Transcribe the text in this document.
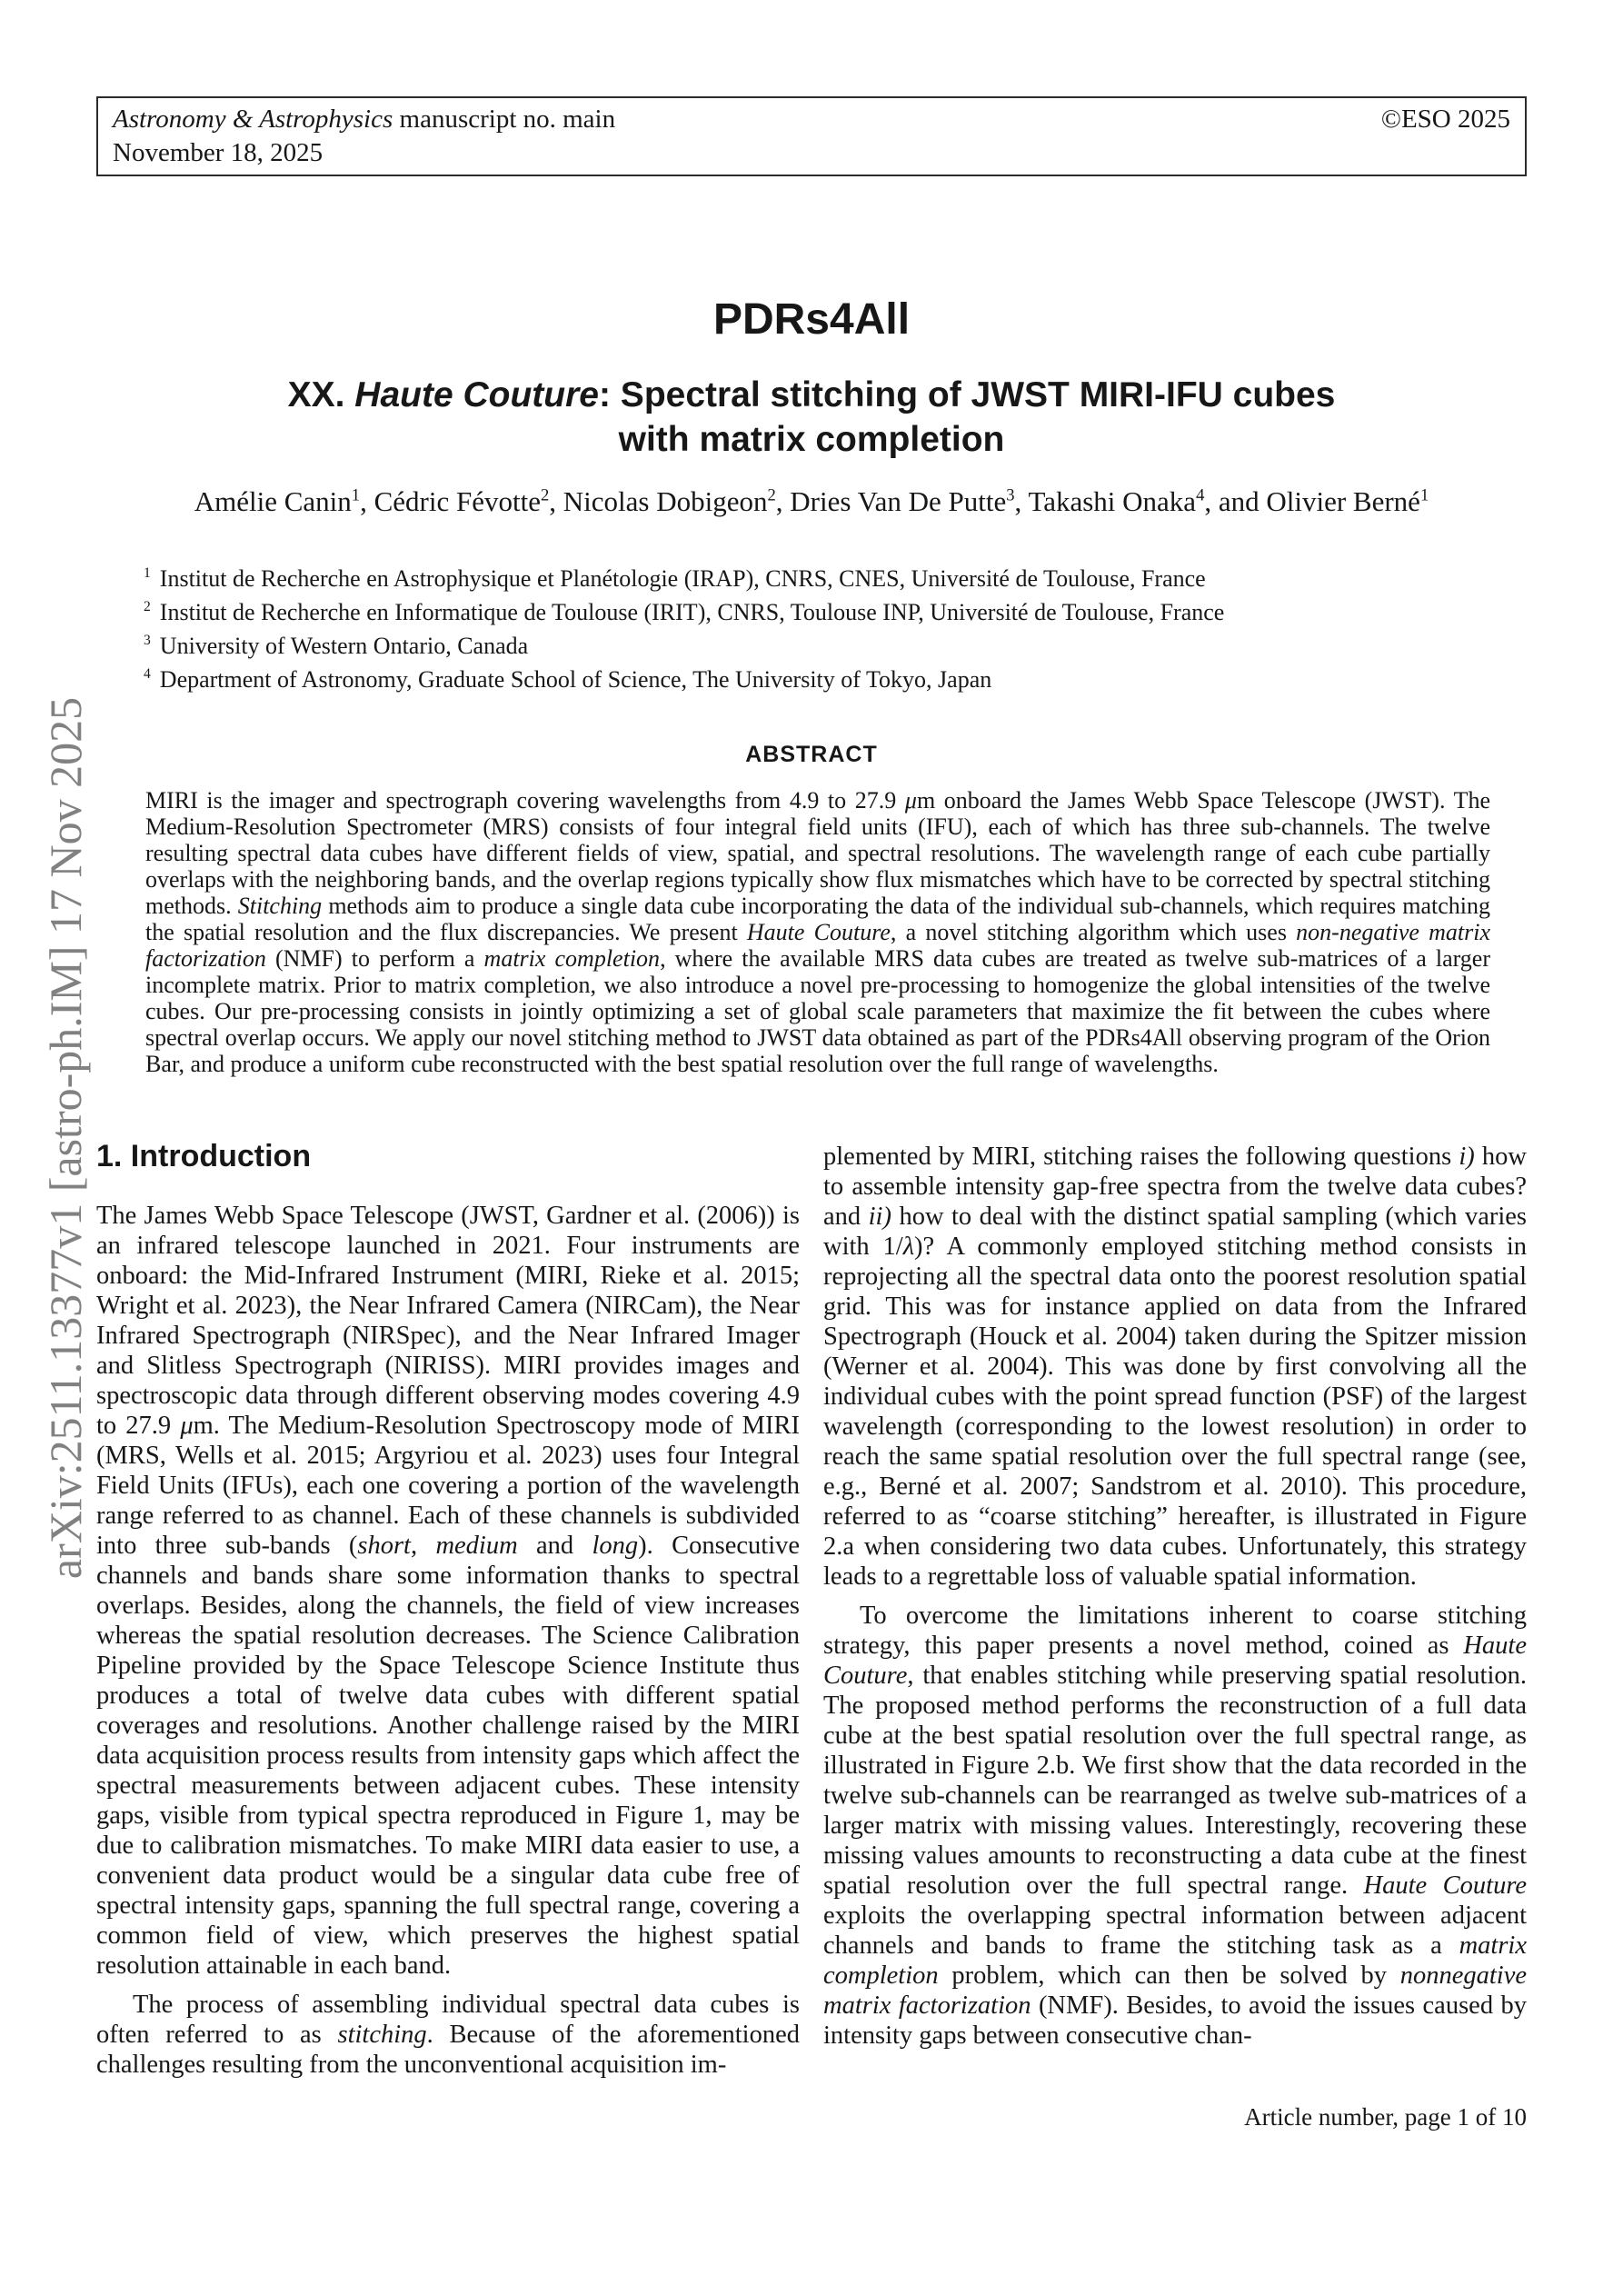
Astronomy & Astrophysics manuscript no. main
November 18, 2025
©ESO 2025
arXiv:2511.13377v1 [astro-ph.IM] 17 Nov 2025
PDRs4All
XX. Haute Couture: Spectral stitching of JWST MIRI-IFU cubes
with matrix completion
Amélie Canin$^1$, Cédric Févotte$^2$, Nicolas Dobigeon$^2$, Dries Van De Putte$^3$, Takashi Onaka$^4$, and Olivier Berné$^1$
$^1$ Institut de Recherche en Astrophysique et Planétologie (IRAP), CNRS, CNES, Université de Toulouse, France
$^2$ Institut de Recherche en Informatique de Toulouse (IRIT), CNRS, Toulouse INP, Université de Toulouse, France
$^3$ University of Western Ontario, Canada
$^4$ Department of Astronomy, Graduate School of Science, The University of Tokyo, Japan
ABSTRACT
MIRI is the imager and spectrograph covering wavelengths from 4.9 to 27.9 μm onboard the James Webb Space Telescope (JWST). The Medium-Resolution Spectrometer (MRS) consists of four integral field units (IFU), each of which has three sub-channels. The twelve resulting spectral data cubes have different fields of view, spatial, and spectral resolutions. The wavelength range of each cube partially overlaps with the neighboring bands, and the overlap regions typically show flux mismatches which have to be corrected by spectral stitching methods. Stitching methods aim to produce a single data cube incorporating the data of the individual sub-channels, which requires matching the spatial resolution and the flux discrepancies. We present Haute Couture, a novel stitching algorithm which uses non-negative matrix factorization (NMF) to perform a matrix completion, where the available MRS data cubes are treated as twelve sub-matrices of a larger incomplete matrix. Prior to matrix completion, we also introduce a novel pre-processing to homogenize the global intensities of the twelve cubes. Our pre-processing consists in jointly optimizing a set of global scale parameters that maximize the fit between the cubes where spectral overlap occurs. We apply our novel stitching method to JWST data obtained as part of the PDRs4All observing program of the Orion Bar, and produce a uniform cube reconstructed with the best spatial resolution over the full range of wavelengths.
1. Introduction

The James Webb Space Telescope (JWST, Gardner et al. (2006)) is an infrared telescope launched in 2021. Four instruments are onboard: the Mid-Infrared Instrument (MIRI, Rieke et al. 2015; Wright et al. 2023), the Near Infrared Camera (NIRCam), the Near Infrared Spectrograph (NIRSpec), and the Near Infrared Imager and Slitless Spectrograph (NIRISS). MIRI provides images and spectroscopic data through different observing modes covering 4.9 to 27.9 μm. The Medium-Resolution Spectroscopy mode of MIRI (MRS, Wells et al. 2015; Argyriou et al. 2023) uses four Integral Field Units (IFUs), each one covering a portion of the wavelength range referred to as channel. Each of these channels is subdivided into three sub-bands (short, medium and long). Consecutive channels and bands share some information thanks to spectral overlaps. Besides, along the channels, the field of view increases whereas the spatial resolution decreases. The Science Calibration Pipeline provided by the Space Telescope Science Institute thus produces a total of twelve data cubes with different spatial coverages and resolutions. Another challenge raised by the MIRI data acquisition process results from intensity gaps which affect the spectral measurements between adjacent cubes. These intensity gaps, visible from typical spectra reproduced in Figure 1, may be due to calibration mismatches. To make MIRI data easier to use, a convenient data product would be a singular data cube free of spectral intensity gaps, spanning the full spectral range, covering a common field of view, which preserves the highest spatial resolution attainable in each band.

The process of assembling individual spectral data cubes is often referred to as stitching. Because of the aforementioned challenges resulting from the unconventional acquisition im-

plemented by MIRI, stitching raises the following questions i) how to assemble intensity gap-free spectra from the twelve data cubes? and ii) how to deal with the distinct spatial sampling (which varies with 1/λ)? A commonly employed stitching method consists in reprojecting all the spectral data onto the poorest resolution spatial grid. This was for instance applied on data from the Infrared Spectrograph (Houck et al. 2004) taken during the Spitzer mission (Werner et al. 2004). This was done by first convolving all the individual cubes with the point spread function (PSF) of the largest wavelength (corresponding to the lowest resolution) in order to reach the same spatial resolution over the full spectral range (see, e.g., Berné et al. 2007; Sandstrom et al. 2010). This procedure, referred to as “coarse stitching” hereafter, is illustrated in Figure 2.a when considering two data cubes. Unfortunately, this strategy leads to a regrettable loss of valuable spatial information.

To overcome the limitations inherent to coarse stitching strategy, this paper presents a novel method, coined as Haute Couture, that enables stitching while preserving spatial resolution. The proposed method performs the reconstruction of a full data cube at the best spatial resolution over the full spectral range, as illustrated in Figure 2.b. We first show that the data recorded in the twelve sub-channels can be rearranged as twelve sub-matrices of a larger matrix with missing values. Interestingly, recovering these missing values amounts to reconstructing a data cube at the finest spatial resolution over the full spectral range. Haute Couture exploits the overlapping spectral information between adjacent channels and bands to frame the stitching task as a matrix completion problem, which can then be solved by nonnegative matrix factorization (NMF). Besides, to avoid the issues caused by intensity gaps between consecutive chan-

Article number, page 1 of 10
